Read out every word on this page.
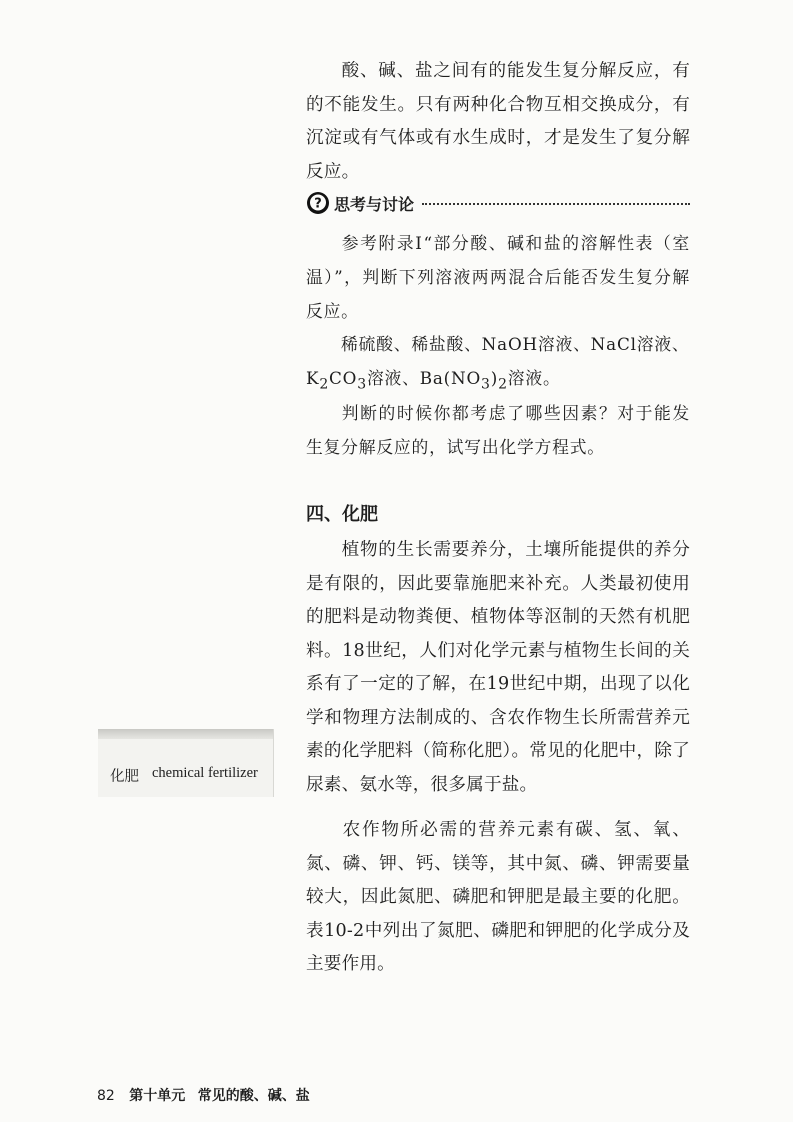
酸、碱、盐之间有的能发生复分解反应，有的不能发生。只有两种化合物互相交换成分，有沉淀或有气体或有水生成时，才是发生了复分解反应。

? 思考与讨论

参考附录Ⅰ“部分酸、碱和盐的溶解性表（室温）”，判断下列溶液两两混合后能否发生复分解反应。

稀硫酸、稀盐酸、NaOH溶液、NaCl溶液、
$K_2CO_3$溶液、$Ba(NO_3)_2$溶液。

判断的时候你都考虑了哪些因素？对于能发生复分解反应的，试写出化学方程式。

四、化肥

植物的生长需要养分，土壤所能提供的养分是有限的，因此要靠施肥来补充。人类最初使用的肥料是动物粪便、植物体等沤制的天然有机肥料。18世纪，人们对化学元素与植物生长间的关系有了一定的了解，在19世纪中期，出现了以化学和物理方法制成的、含农作物生长所需营养元素的化学肥料（简称化肥）。常见的化肥中，除了尿素、氨水等，很多属于盐。

农作物所必需的营养元素有碳、氢、氧、氮、磷、钾、钙、镁等，其中氮、磷、钾需要量较大，因此氮肥、磷肥和钾肥是最主要的化肥。表10-2中列出了氮肥、磷肥和钾肥的化学成分及主要作用。

化肥 chemical fertilizer
82 第十单元 常见的酸、碱、盐
